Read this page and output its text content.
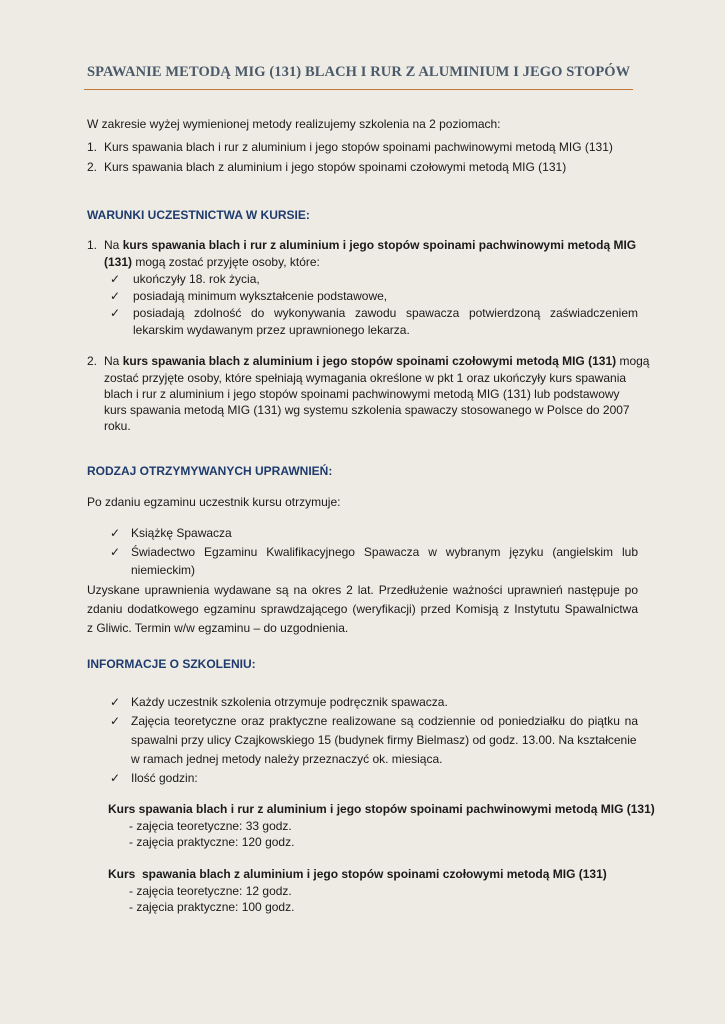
SPAWANIE METODĄ MIG (131) BLACH I RUR Z ALUMINIUM I JEGO STOPÓW
W zakresie wyżej wymienionej metody realizujemy szkolenia na 2 poziomach:
1. Kurs spawania blach i rur z aluminium i jego stopów spoinami pachwinowymi metodą MIG (131)
2. Kurs spawania blach z aluminium i jego stopów spoinami czołowymi metodą MIG (131)
WARUNKI UCZESTNICTWA W KURSIE:
1. Na kurs spawania blach i rur z aluminium i jego stopów spoinami pachwinowymi metodą MIG
(131) mogą zostać przyjęte osoby, które:
✓ ukończyły 18. rok życia,
✓ posiadają minimum wykształcenie podstawowe,
✓ posiadają zdolność do wykonywania zawodu spawacza potwierdzoną zaświadczeniem
lekarskim wydawanym przez uprawnionego lekarza.
2. Na kurs spawania blach z aluminium i jego stopów spoinami czołowymi metodą MIG (131) mogą
zostać przyjęte osoby, które spełniają wymagania określone w pkt 1 oraz ukończyły kurs spawania
blach i rur z aluminium i jego stopów spoinami pachwinowymi metodą MIG (131) lub podstawowy
kurs spawania metodą MIG (131) wg systemu szkolenia spawaczy stosowanego w Polsce do 2007
roku.
RODZAJ OTRZYMYWANYCH UPRAWNIEŃ:
Po zdaniu egzaminu uczestnik kursu otrzymuje:
✓ Książkę Spawacza
✓ Świadectwo Egzaminu Kwalifikacyjnego Spawacza w wybranym języku (angielskim lub
niemieckim)
Uzyskane uprawnienia wydawane są na okres 2 lat. Przedłużenie ważności uprawnień następuje po
zdaniu dodatkowego egzaminu sprawdzającego (weryfikacji) przed Komisją z Instytutu Spawalnictwa
z Gliwic. Termin w/w egzaminu – do uzgodnienia.
INFORMACJE O SZKOLENIU:
✓ Każdy uczestnik szkolenia otrzymuje podręcznik spawacza.
✓ Zajęcia teoretyczne oraz praktyczne realizowane są codziennie od poniedziałku do piątku na
spawalni przy ulicy Czajkowskiego 15 (budynek firmy Bielmasz) od godz. 13.00. Na kształcenie
w ramach jednej metody należy przeznaczyć ok. miesiąca.
✓ Ilość godzin:
Kurs spawania blach i rur z aluminium i jego stopów spoinami pachwinowymi metodą MIG (131)
- zajęcia teoretyczne: 33 godz.
- zajęcia praktyczne: 120 godz.
Kurs  spawania blach z aluminium i jego stopów spoinami czołowymi metodą MIG (131)
- zajęcia teoretyczne: 12 godz.
- zajęcia praktyczne: 100 godz.
